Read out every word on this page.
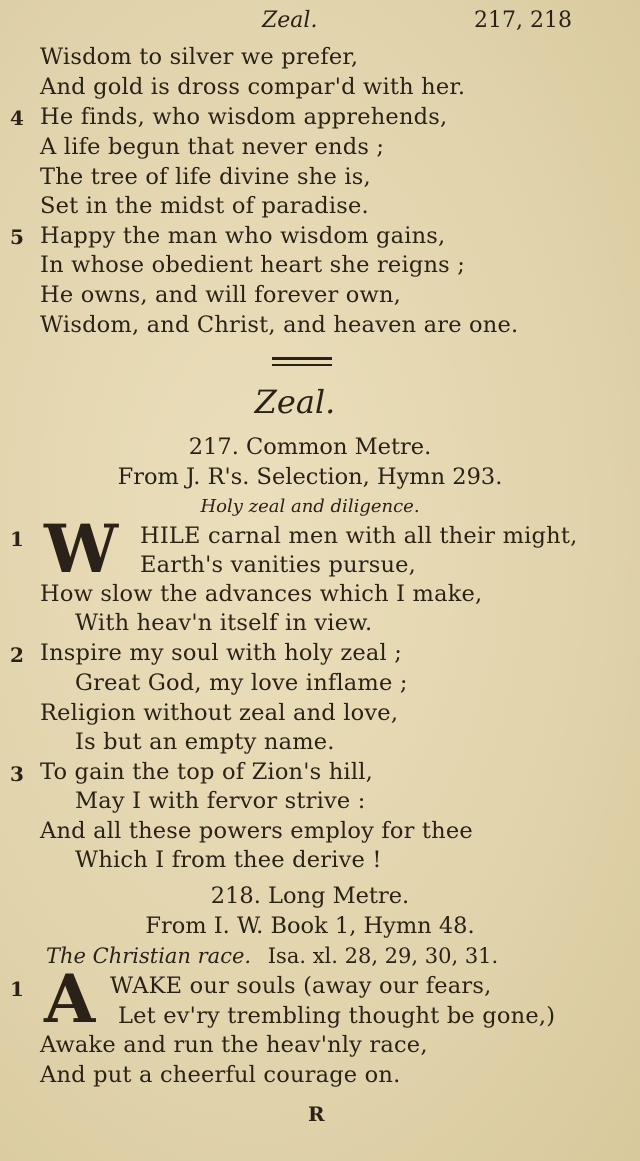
Zeal.	217, 218
Wisdom to silver we prefer,
And gold is dross compar'd with her.
4 He finds, who wisdom apprehends,
A life begun that never ends ;
The tree of life divine she is,
Set in the midst of paradise.
5 Happy the man who wisdom gains,
In whose obedient heart she reigns ;
He owns, and will forever own,
Wisdom, and Christ, and heaven are one.
Zeal.
217. Common Metre.
From J. R's. Selection, Hymn 293.
Holy zeal and diligence.
1 W HILE carnal men with all their might,
Earth's vanities pursue,
How slow the advances which I make,
With heav'n itself in view.
2 Inspire my soul with holy zeal ;
Great God, my love inflame ;
Religion without zeal and love,
Is but an empty name.
3 To gain the top of Zion's hill,
May I with fervor strive :
And all these powers employ for thee
Which I from thee derive !
218. Long Metre.
From I. W. Book 1, Hymn 48.
The Christian race. Isa. xl. 28, 29, 30, 31.
1 A WAKE our souls (away our fears,
Let ev'ry trembling thought be gone,)
Awake and run the heav'nly race,
And put a cheerful courage on.
R
